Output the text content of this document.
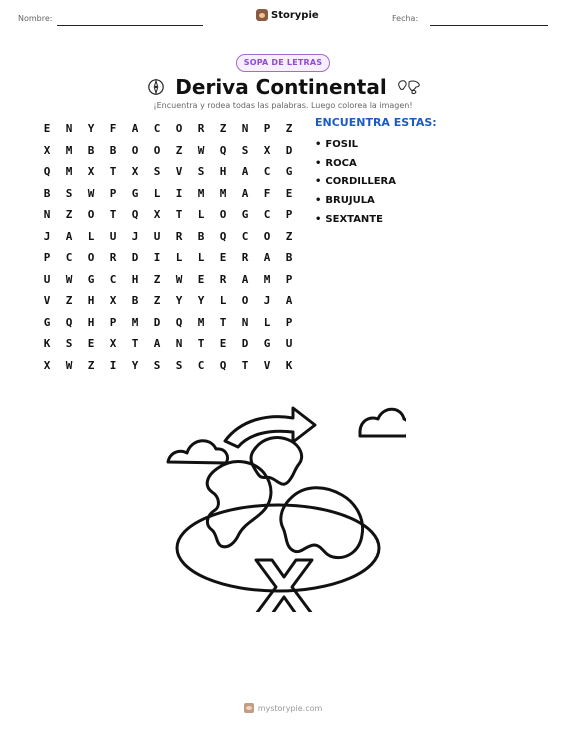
Nombre:	Storypie	Fecha:
SOPA DE LETRAS
Deriva Continental
¡Encuentra y rodea todas las palabras. Luego colorea la imagen!
E	N	Y	F	A	C	O	R	Z	N	P	Z
X	M	B	B	O	O	Z	W	Q	S	X	D
Q	M	X	T	X	S	V	S	H	A	C	G
B	S	W	P	G	L	I	M	M	A	F	E
N	Z	O	T	Q	X	T	L	O	G	C	P
J	A	L	U	J	U	R	B	Q	C	O	Z
P	C	O	R	D	I	L	L	E	R	A	B
U	W	G	C	H	Z	W	E	R	A	M	P
V	Z	H	X	B	Z	Y	Y	L	O	J	A
G	Q	H	P	M	D	Q	M	T	N	L	P
K	S	E	X	T	A	N	T	E	D	G	U
X	W	Z	I	Y	S	S	C	Q	T	V	K
ENCUENTRA ESTAS:
• FOSIL
• ROCA
• CORDILLERA
• BRUJULA
• SEXTANTE
mystorypie.com
